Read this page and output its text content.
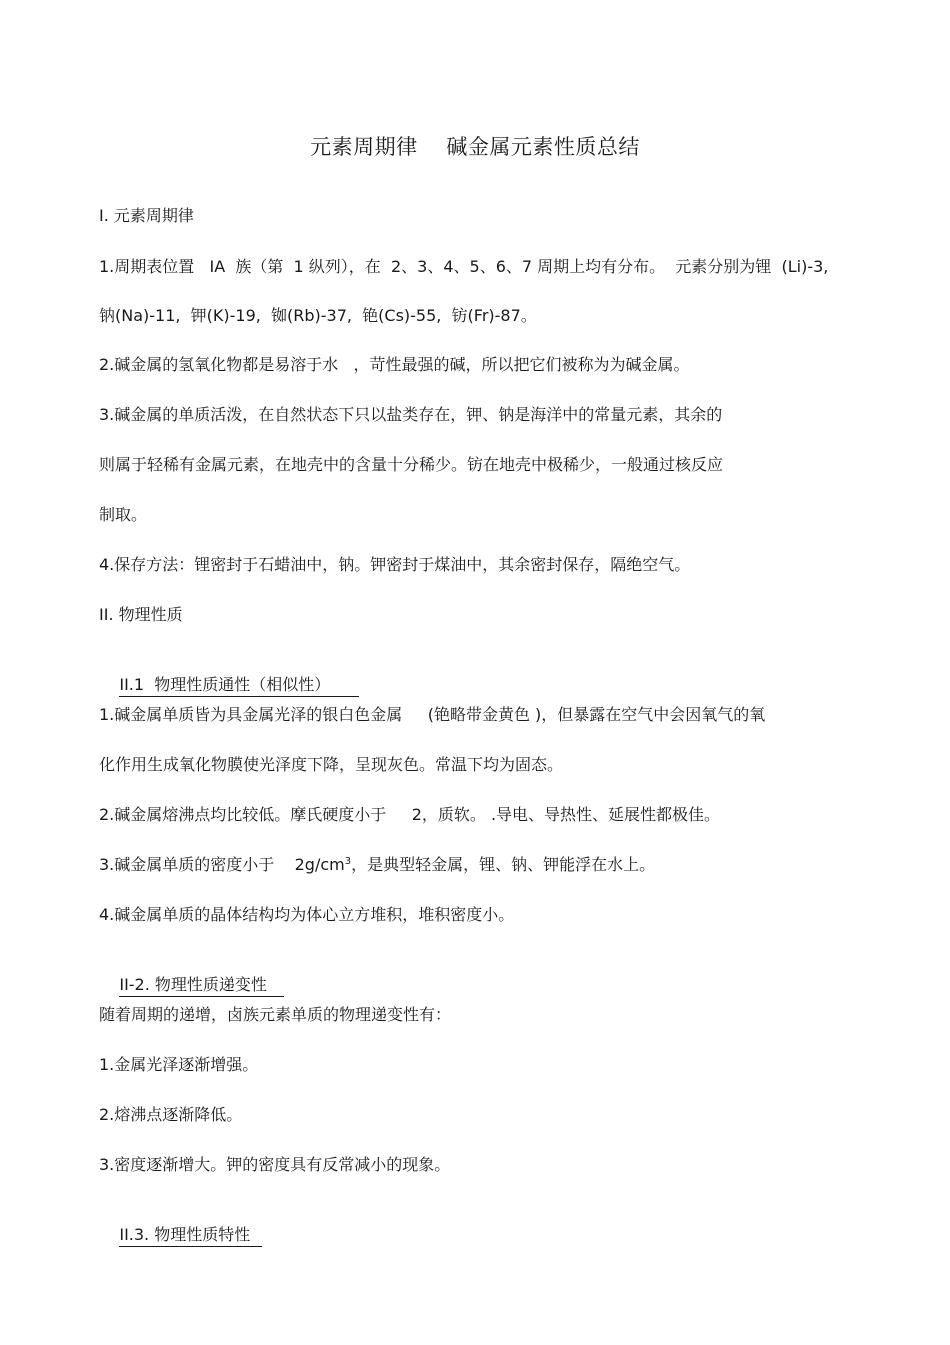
元素周期律    碱金属元素性质总结
I. 元素周期律
1.周期表位置   IA  族（第  1 纵列），在  2、3、4、5、6、7 周期上均有分布。  元素分别为锂  (Li)-3,
钠(Na)-11,  钾(K)-19,  铷(Rb)-37,  铯(Cs)-55,  钫(Fr)-87。
2.碱金属的氢氧化物都是易溶于水   ，苛性最强的碱，所以把它们被称为为碱金属。
3.碱金属的单质活泼，在自然状态下只以盐类存在，钾、钠是海洋中的常量元素，其余的
则属于轻稀有金属元素，在地壳中的含量十分稀少。钫在地壳中极稀少，一般通过核反应
制取。
4.保存方法：锂密封于石蜡油中，钠。钾密封于煤油中，其余密封保存，隔绝空气。
II. 物理性质

II.1  物理性质通性（相似性）

1.碱金属单质皆为具金属光泽的银白色金属     (铯略带金黄色 )，但暴露在空气中会因氧气的氧
化作用生成氧化物膜使光泽度下降，呈现灰色。常温下均为固态。
2.碱金属熔沸点均比较低。摩氏硬度小于     2，质软。 .导电、导热性、延展性都极佳。
3.碱金属单质的密度小于    $2g/cm^3$，是典型轻金属，锂、钠、钾能浮在水上。
4.碱金属单质的晶体结构均为体心立方堆积，堆积密度小。

II-2. 物理性质递变性

随着周期的递增，卤族元素单质的物理递变性有：
1.金属光泽逐渐增强。
2.熔沸点逐渐降低。
3.密度逐渐增大。钾的密度具有反常减小的现象。

II.3. 物理性质特性
